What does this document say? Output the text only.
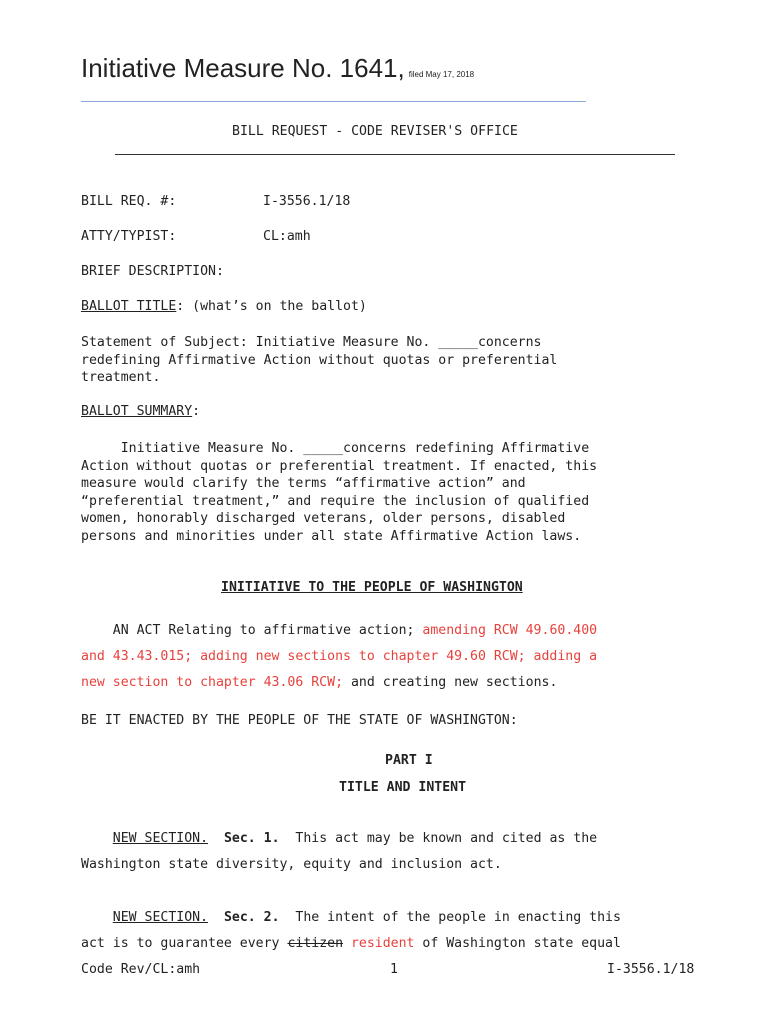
Initiative Measure No. 1641, filed May 17, 2018

BILL REQUEST - CODE REVISER'S OFFICE

BILL REQ. #:	I-3556.1/18

ATTY/TYPIST:	CL:amh

BRIEF DESCRIPTION:

BALLOT TITLE: (what’s on the ballot)

Statement of Subject: Initiative Measure No. _____concerns
redefining Affirmative Action without quotas or preferential
treatment.

BALLOT SUMMARY:

Initiative Measure No. _____concerns redefining Affirmative
Action without quotas or preferential treatment. If enacted, this
measure would clarify the terms “affirmative action” and
“preferential treatment,” and require the inclusion of qualified
women, honorably discharged veterans, older persons, disabled
persons and minorities under all state Affirmative Action laws.

INITIATIVE TO THE PEOPLE OF WASHINGTON

AN ACT Relating to affirmative action; amending RCW 49.60.400
and 43.43.015; adding new sections to chapter 49.60 RCW; adding a
new section to chapter 43.06 RCW; and creating new sections.

BE IT ENACTED BY THE PEOPLE OF THE STATE OF WASHINGTON:

PART I

TITLE AND INTENT

NEW SECTION. Sec. 1.  This act may be known and cited as the
Washington state diversity, equity and inclusion act.
NEW SECTION. Sec. 2.  The intent of the people in enacting this
act is to guarantee every citizen resident of Washington state equal

Code Rev/CL:amh	1	I-3556.1/18
